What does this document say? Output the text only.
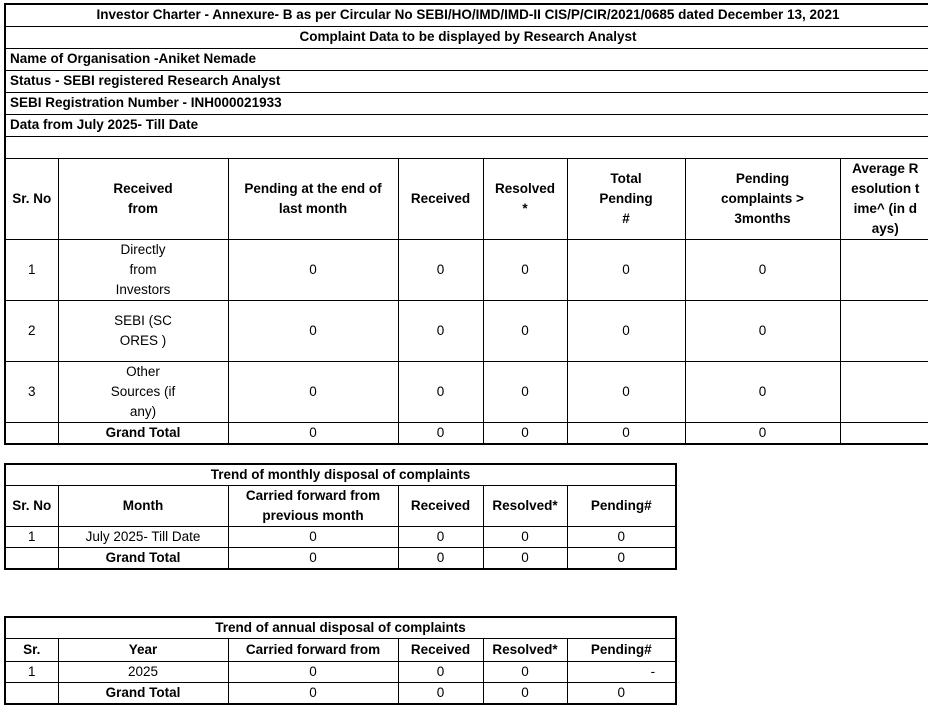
Investor Charter - Annexure- B as per Circular No SEBI/HO/IMD/IMD-II CIS/P/CIR/2021/0685 dated December 13, 2021							
Complaint Data to be displayed by Research Analyst							
Name of Organisation -Aniket Nemade							
Status - SEBI registered Research Analyst							
SEBI Registration Number - INH000021933							
Data from July 2025- Till Date							

Sr. No	Received from	Pending at the end of last month	Received	Resolved *	Total Pending #	Pending complaints > 3months	Average Resolution time^ (in days)
1	Directly from Investors	0	0	0	0	0	
2	SEBI (SCORES )	0	0	0	0	0	
3	Other Sources (if any)	0	0	0	0	0	
	Grand Total	0	0	0	0	0	
Trend of monthly disposal of complaints					
Sr. No	Month	Carried forward from previous month	Received	Resolved*	Pending#
1	July 2025- Till Date	0	0	0	0
	Grand Total	0	0	0	0
Trend of annual disposal of complaints					
Sr.	Year	Carried forward from	Received	Resolved*	Pending#
1	2025	0	0	0	-
	Grand Total	0	0	0	0
